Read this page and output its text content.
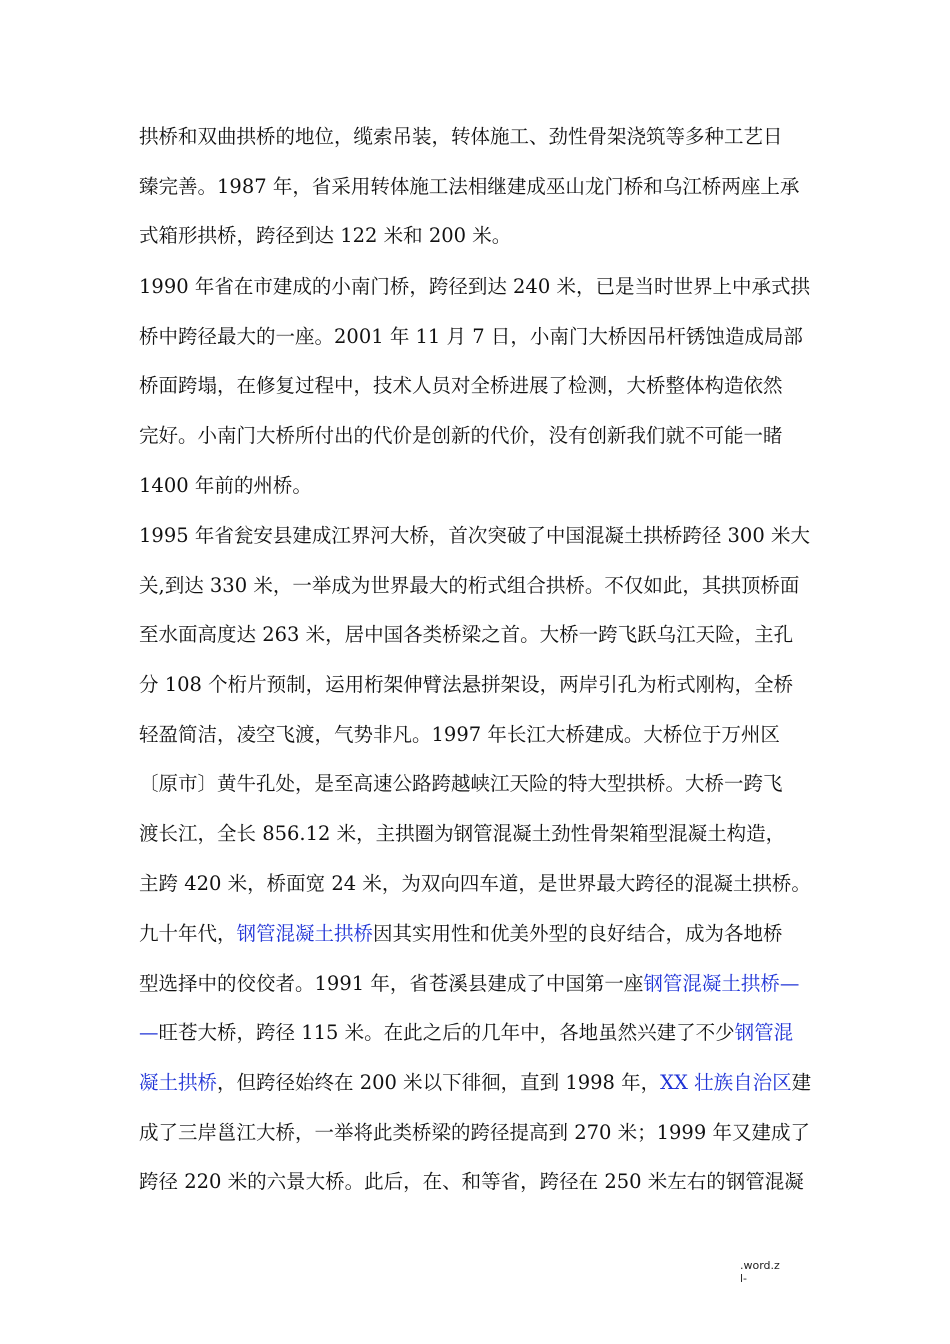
拱桥和双曲拱桥的地位，缆索吊装，转体施工、劲性骨架浇筑等多种工艺日
臻完善。1987 年，省采用转体施工法相继建成巫山龙门桥和乌江桥两座上承
式箱形拱桥，跨径到达 122 米和 200 米。
1990 年省在市建成的小南门桥，跨径到达 240 米，已是当时世界上中承式拱
桥中跨径最大的一座。2001 年 11 月 7 日，小南门大桥因吊杆锈蚀造成局部
桥面跨塌，在修复过程中，技术人员对全桥进展了检测，大桥整体构造依然
完好。小南门大桥所付出的代价是创新的代价，没有创新我们就不可能一睹
1400 年前的州桥。
1995 年省瓮安县建成江界河大桥，首次突破了中国混凝土拱桥跨径 300 米大
关,到达 330 米，一举成为世界最大的桁式组合拱桥。不仅如此，其拱顶桥面
至水面高度达 263 米，居中国各类桥梁之首。大桥一跨飞跃乌江天险，主孔
分 108 个桁片预制，运用桁架伸臂法悬拼架设，两岸引孔为桁式刚构，全桥
轻盈简洁，凌空飞渡，气势非凡。1997 年长江大桥建成。大桥位于万州区
〔原市〕黄牛孔处，是至高速公路跨越峡江天险的特大型拱桥。大桥一跨飞
渡长江，全长 856.12 米，主拱圈为钢管混凝土劲性骨架箱型混凝土构造，
主跨 420 米，桥面宽 24 米，为双向四车道，是世界最大跨径的混凝土拱桥。
九十年代，钢管混凝土拱桥因其实用性和优美外型的良好结合，成为各地桥
型选择中的佼佼者。1991 年，省苍溪县建成了中国第一座钢管混凝土拱桥—
—旺苍大桥，跨径 115 米。在此之后的几年中，各地虽然兴建了不少钢管混
凝土拱桥，但跨径始终在 200 米以下徘徊，直到 1998 年，XX 壮族自治区建
成了三岸邕江大桥，一举将此类桥梁的跨径提高到 270 米；1999 年又建成了
跨径 220 米的六景大桥。此后，在、和等省，跨径在 250 米左右的钢管混凝
.word.z
l-
